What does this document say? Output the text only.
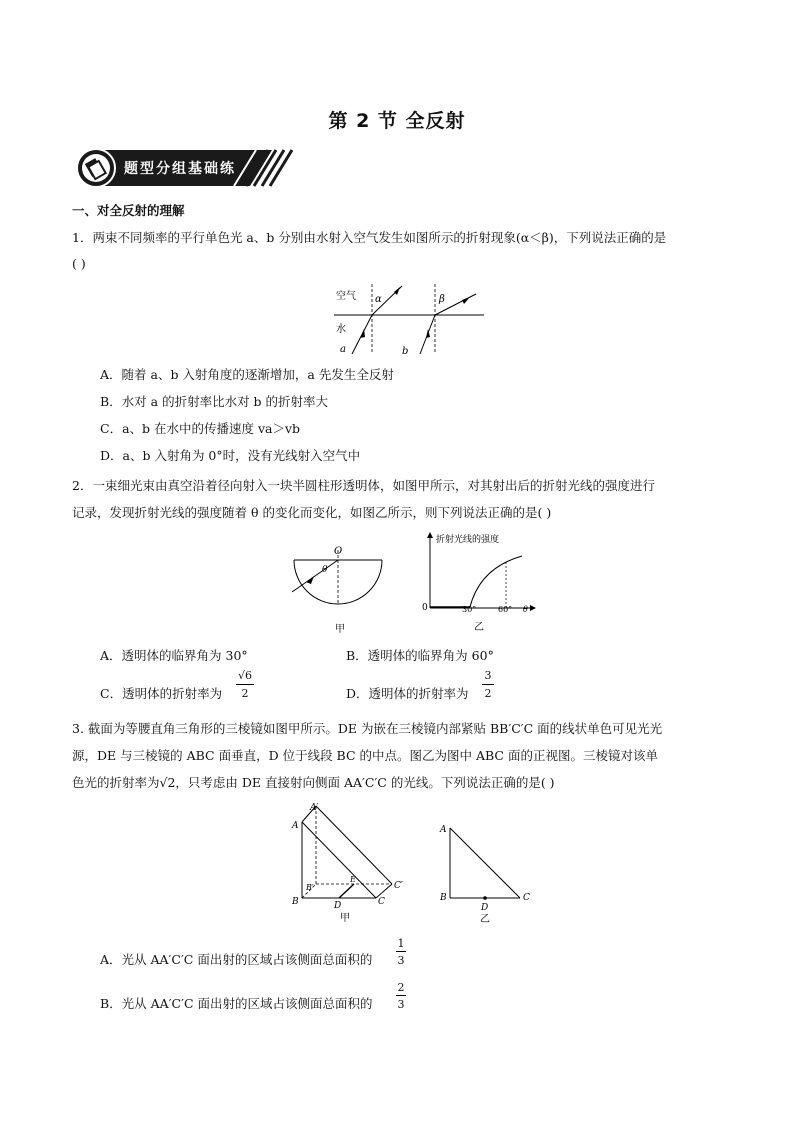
第 2 节 全反射
题型分组基础练
一、对全反射的理解
1．两束不同频率的平行单色光 a、b 分别由水射入空气发生如图所示的折射现象(α＜β)，下列说法正确的是
( )
空气
水
α	β
a	b
A．随着 a、b 入射角度的逐渐增加，a 先发生全反射
B．水对 a 的折射率比水对 b 的折射率大
C．a、b 在水中的传播速度 va＞vb
D．a、b 入射角为 0°时，没有光线射入空气中
2．一束细光束由真空沿着径向射入一块半圆柱形透明体，如图甲所示，对其射出后的折射光线的强度进行
记录，发现折射光线的强度随着 θ 的变化而变化，如图乙所示，则下列说法正确的是( )
O
θ
甲
折射光线的强度
0	30°	60° θ
乙
A．透明体的临界角为 30°	B．透明体的临界角为 60°
C．透明体的折射率为
√6
2	D．透明体的折射率为
3
2
3. 截面为等腰直角三角形的三棱镜如图甲所示。DE 为嵌在三棱镜内部紧贴 BB′C′C 面的线状单色可见光光
源，DE 与三棱镜的 ABC 面垂直，D 位于线段 BC 的中点。图乙为图中 ABC 面的正视图。三棱镜对该单
色光的折射率为√2，只考虑由 DE 直接射向侧面 AA′C′C 的光线。下列说法正确的是( )
A′
A
B′
E
C′
B	D	C
甲
A
B
D
C
乙
A．光从 AA′C′C 面出射的区域占该侧面总面积的
1
3
B．光从 AA′C′C 面出射的区域占该侧面总面积的
2
3
